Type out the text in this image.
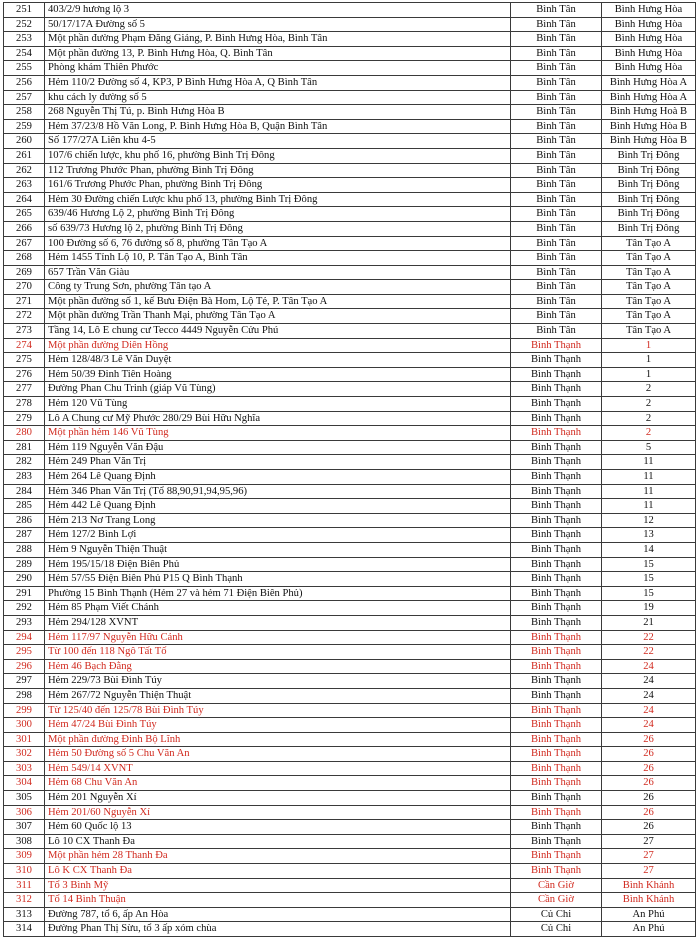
251	403/2/9 hương lộ 3	Bình Tân	Bình Hưng Hòa
252	50/17/17A Đường số 5	Bình Tân	Bình Hưng Hòa
253	Một phần đường Phạm Đăng Giảng, P. Bình Hưng Hòa, Bình Tân	Bình Tân	Bình Hưng Hòa
254	Một phần đường 13, P. Bình Hưng Hòa, Q. Bình Tân	Bình Tân	Bình Hưng Hòa
255	Phòng khám Thiên Phước	Bình Tân	Bình Hưng Hòa
256	Hẻm 110/2 Đường số 4, KP3, P Bình Hưng Hòa A, Q Bình Tân	Bình Tân	Bình Hưng Hòa A
257	khu cách ly đường số 5	Bình Tân	Bình Hưng Hòa A
258	268 Nguyễn Thị Tú, p. Bình Hưng Hòa B	Bình Tân	Bình Hưng Hoà B
259	Hẻm 37/23/8 Hồ Văn Long, P. Bình Hưng Hòa B, Quận Bình Tân	Bình Tân	Bình Hưng Hòa B
260	Số 177/27A Liên khu 4-5	Bình Tân	Bình Hưng Hòa B
261	107/6 chiến lược, khu phố 16, phường Bình Trị Đông	Bình Tân	Bình Trị Đông
262	112 Trương Phước Phan, phường Bình Trị Đông	Bình Tân	Bình Trị Đông
263	161/6 Trương Phước Phan, phường Bình Trị Đông	Bình Tân	Bình Trị Đông
264	Hẻm 30 Đường chiến Lược khu phố 13, phường Bình Trị Đông	Bình Tân	Bình Trị Đông
265	639/46 Hương Lộ 2, phường Bình Trị Đông	Bình Tân	Bình Trị Đông
266	số 639/73 Hương lộ 2, phường Bình Trị Đông	Bình Tân	Bình Trị Đông
267	100 Đường số 6, 76 đường số 8, phường Tân Tạo A	Bình Tân	Tân Tạo A
268	Hẻm 1455 Tỉnh Lộ 10, P. Tân Tạo A, Bình Tân	Bình Tân	Tân Tạo A
269	657 Trần Văn Giàu	Bình Tân	Tân Tạo A
270	Công ty Trung Sơn, phường Tân tạo A	Bình Tân	Tân Tạo A
271	Một phần đường số 1, kế Bưu Điện Bà Hom, Lộ Tẻ, P. Tân Tạo A	Bình Tân	Tân Tạo A
272	Một phần đường Trần Thanh Mại, phường Tân Tạo A	Bình Tân	Tân Tạo A
273	Tầng 14, Lô E chung cư Tecco 4449 Nguyễn Cửu Phú	Bình Tân	Tân Tạo A
274	Một phần đường Diên Hồng	Bình Thạnh	1
275	Hẻm 128/48/3 Lê Văn Duyệt	Bình Thạnh	1
276	Hẻm 50/39 Đinh Tiên Hoàng	Bình Thạnh	1
277	Đường Phan Chu Trinh (giáp Vũ Tùng)	Bình Thạnh	2
278	Hẻm 120 Vũ Tùng	Bình Thạnh	2
279	Lô A Chung cư Mỹ Phước 280/29 Bùi Hữu Nghĩa	Bình Thạnh	2
280	Một phần hẻm 146 Vũ Tùng	Bình Thạnh	2
281	Hẻm 119 Nguyễn Văn Đậu	Bình Thạnh	5
282	Hẻm 249 Phan Văn Trị	Bình Thạnh	11
283	Hẻm 264 Lê Quang Định	Bình Thạnh	11
284	Hẻm 346 Phan Văn Trị (Tổ 88,90,91,94,95,96)	Bình Thạnh	11
285	Hẻm 442 Lê Quang Định	Bình Thạnh	11
286	Hẻm 213 Nơ Trang Long	Bình Thạnh	12
287	Hẻm 127/2 Bình Lợi	Bình Thạnh	13
288	Hẻm 9 Nguyễn Thiện Thuật	Bình Thạnh	14
289	Hẻm 195/15/18 Điện Biên Phủ	Bình Thạnh	15
290	Hẻm 57/55 Điện Biên Phủ P15 Q Bình Thạnh	Bình Thạnh	15
291	Phường 15 Bình Thạnh (Hẻm 27 và hẻm 71 Điện Biên Phủ)	Bình Thạnh	15
292	Hẻm 85 Phạm Viết Chánh	Bình Thạnh	19
293	Hẻm 294/128 XVNT	Bình Thạnh	21
294	Hẻm 117/97 Nguyễn Hữu Cảnh	Bình Thạnh	22
295	Từ 100 đến 118 Ngô Tất Tố	Bình Thạnh	22
296	Hẻm 46 Bạch Đằng	Bình Thạnh	24
297	Hẻm 229/73 Bùi Đình Túy	Bình Thạnh	24
298	Hẻm 267/72 Nguyễn Thiện Thuật	Bình Thạnh	24
299	Từ 125/40 đến 125/78 Bùi Đình Túy	Bình Thạnh	24
300	Hẻm 47/24 Bùi Đình Túy	Bình Thạnh	24
301	Một phần đường Đinh Bộ Lĩnh	Bình Thạnh	26
302	Hẻm 50 Đường số 5 Chu Văn An	Bình Thạnh	26
303	Hẻm 549/14 XVNT	Bình Thạnh	26
304	Hẻm 68 Chu Văn An	Bình Thạnh	26
305	Hẻm 201 Nguyễn Xí	Bình Thạnh	26
306	Hẻm 201/60 Nguyễn Xí	Bình Thạnh	26
307	Hẻm 60 Quốc lộ 13	Bình Thạnh	26
308	Lô 10 CX Thanh Đa	Bình Thạnh	27
309	Một phần hẻm 28 Thanh Đa	Bình Thạnh	27
310	Lô K CX Thanh Đa	Bình Thạnh	27
311	Tổ 3 Bình Mỹ	Cần Giờ	Bình Khánh
312	Tổ 14 Bình Thuận	Cần Giờ	Bình Khánh
313	Đường 787, tổ 6, ấp An Hòa	Củ Chi	An Phú
314	Đường Phan Thị Sừu, tổ 3 ấp xóm chùa	Củ Chi	An Phú
